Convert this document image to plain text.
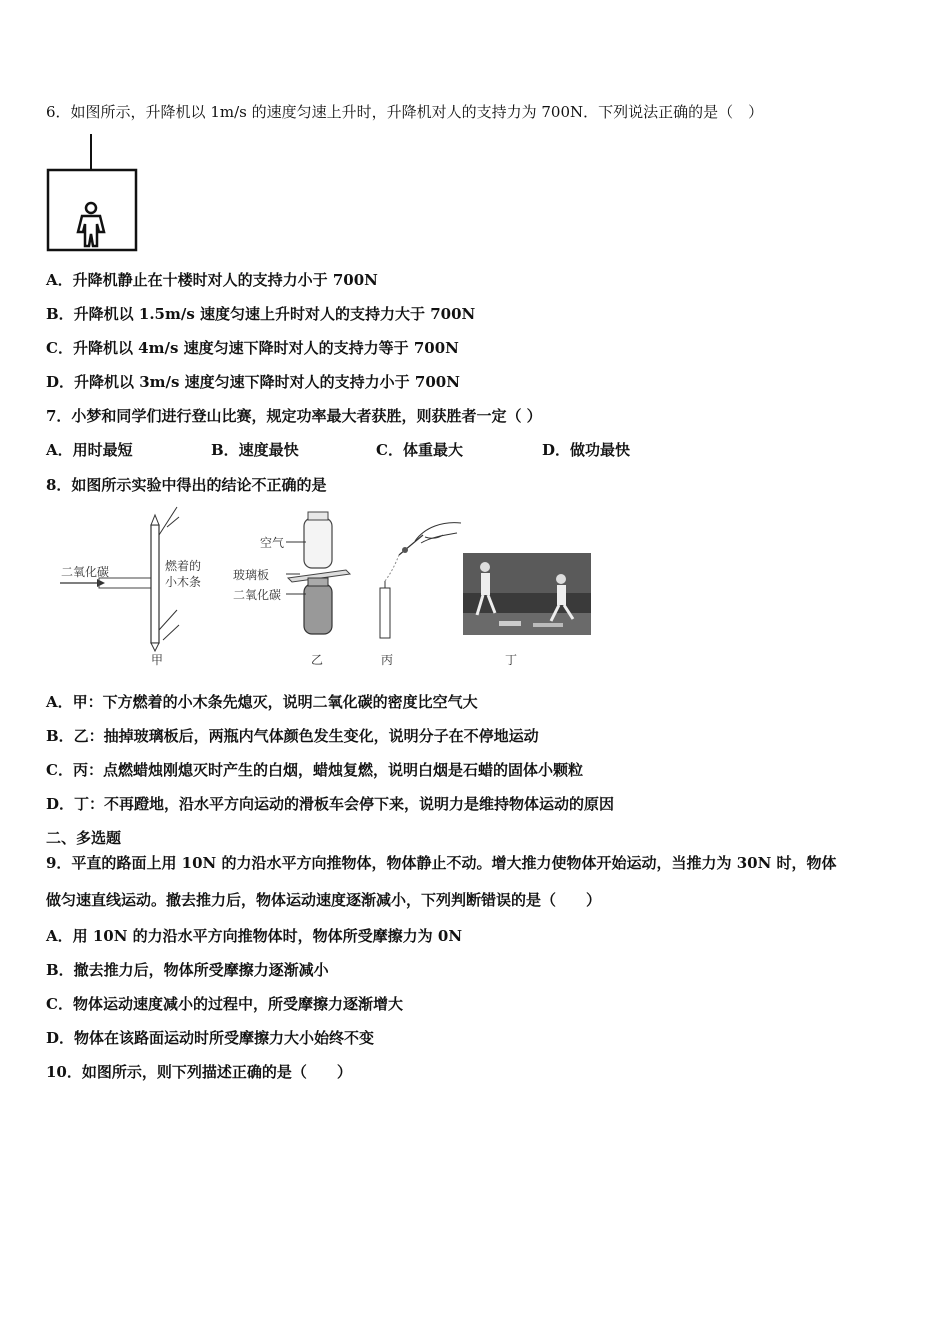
6．如图所示，升降机以 1m/s 的速度匀速上升时，升降机对人的支持力为 700N．下列说法正确的是（　）
A．升降机静止在十楼时对人的支持力小于 700N
B．升降机以 1.5m/s 速度匀速上升时对人的支持力大于 700N
C．升降机以 4m/s 速度匀速下降时对人的支持力等于 700N
D．升降机以 3m/s 速度匀速下降时对人的支持力小于 700N
7．小梦和同学们进行登山比赛，规定功率最大者获胜，则获胜者一定（ ）
A．用时最短	B．速度最快	C．体重最大	D．做功最快
8．如图所示实验中得出的结论不正确的是
二氧化碳	燃着的
小木条
甲
空气
玻璃板
二氧化碳
乙	丙	丁
A．甲：下方燃着的小木条先熄灭，说明二氧化碳的密度比空气大
B．乙：抽掉玻璃板后，两瓶内气体颜色发生变化，说明分子在不停地运动
C．丙：点燃蜡烛刚熄灭时产生的白烟，蜡烛复燃，说明白烟是石蜡的固体小颗粒
D．丁：不再蹬地，沿水平方向运动的滑板车会停下来，说明力是维持物体运动的原因
二、多选题
9．平直的路面上用 10N 的力沿水平方向推物体，物体静止不动。增大推力使物体开始运动，当推力为 30N 时，物体
做匀速直线运动。撤去推力后，物体运动速度逐渐减小，下列判断错误的是（　　）
A．用 10N 的力沿水平方向推物体时，物体所受摩擦力为 0N
B．撤去推力后，物体所受摩擦力逐渐减小
C．物体运动速度减小的过程中，所受摩擦力逐渐增大
D．物体在该路面运动时所受摩擦力大小始终不变
10．如图所示，则下列描述正确的是（　　）
